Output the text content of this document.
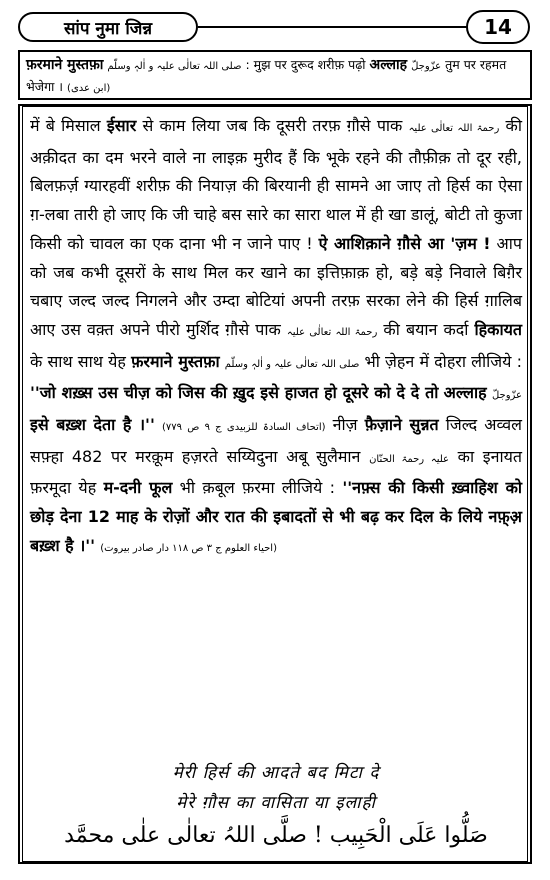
सांप नुमा जिन्न	14
फ़रमाने मुस्तफ़ा صلی اللہ تعالٰی علیہ و اٰلہٖ وسلّم : मुझ पर दुरूद शरीफ़ पढ़ो अल्लाह عزّوجلّ तुम पर रहमत भेजेगा । (ابن عدی)

में बे मिसाल ईसार से काम लिया जब कि दूसरी तरफ़ ग़ौसे पाक رحمۃ اللہ تعالٰی علیہ की अक़ीदत का दम भरने वाले ना लाइक़ मुरीद हैं कि भूके रहने की तौफ़ीक़ तो दूर रही, बिलफ़र्ज़ ग्यारहवीं शरीफ़ की नियाज़ की बिरयानी ही सामने आ जाए तो हिर्स का ऐसा ग़-लबा तारी हो जाए कि जी चाहे बस सारे का सारा थाल में ही खा डालूं, बोटी तो कुजा किसी को चावल का एक दाना भी न जाने पाए ! ऐ आशिक़ाने ग़ौसे आ 'ज़म ! आप को जब कभी दूसरों के साथ मिल कर खाने का इत्तिफ़ाक़ हो, बड़े बड़े निवाले बिग़ैर चबाए जल्द जल्द निगलने और उम्दा बोटियां अपनी तरफ़ सरका लेने की हिर्स ग़ालिब आए उस वक़्त अपने पीरो मुर्शिद ग़ौसे पाक رحمۃ اللہ تعالٰی علیہ की बयान कर्दा हिकायत के साथ साथ येह फ़रमाने मुस्तफ़ा صلی اللہ تعالٰی علیہ و اٰلہٖ وسلّم भी ज़ेहन में दोहरा लीजिये : ''जो शख़्स उस चीज़ को जिस की ख़ुद इसे हाजत हो दूसरे को दे दे तो अल्लाह عزّوجلّ इसे बख़्श देता है ।'' (اتحاف السادۃ للزبیدی ج ۹ ص ۷۷۹) नीज़ फ़ैज़ाने सुन्नत जिल्द अव्वल सफ़्हा 482 पर मरक़ूम हज़रते सय्यिदुना अबू सुलैमान علیہ رحمۃ الحنّان का इनायत फ़रमूदा येह म-दनी फूल भी क़बूल फ़रमा लीजिये : ''नफ़्स की किसी ख़्वाहिश को छोड़ देना 12 माह के रोज़ों और रात की इबादतों से भी बढ़ कर दिल के लिये नफ़्अ़ बख़्श है ।'' (احیاء العلوم ج ۳ ص ۱۱۸ دار صادر بیروت)

मेरी हिर्स की आदते बद मिटा दे
मेरे ग़ौस का वासिता या इलाही
صَلُّوا عَلَی الْحَبِیب ! صلَّی اللہُ تعالٰی علٰی محمَّد
